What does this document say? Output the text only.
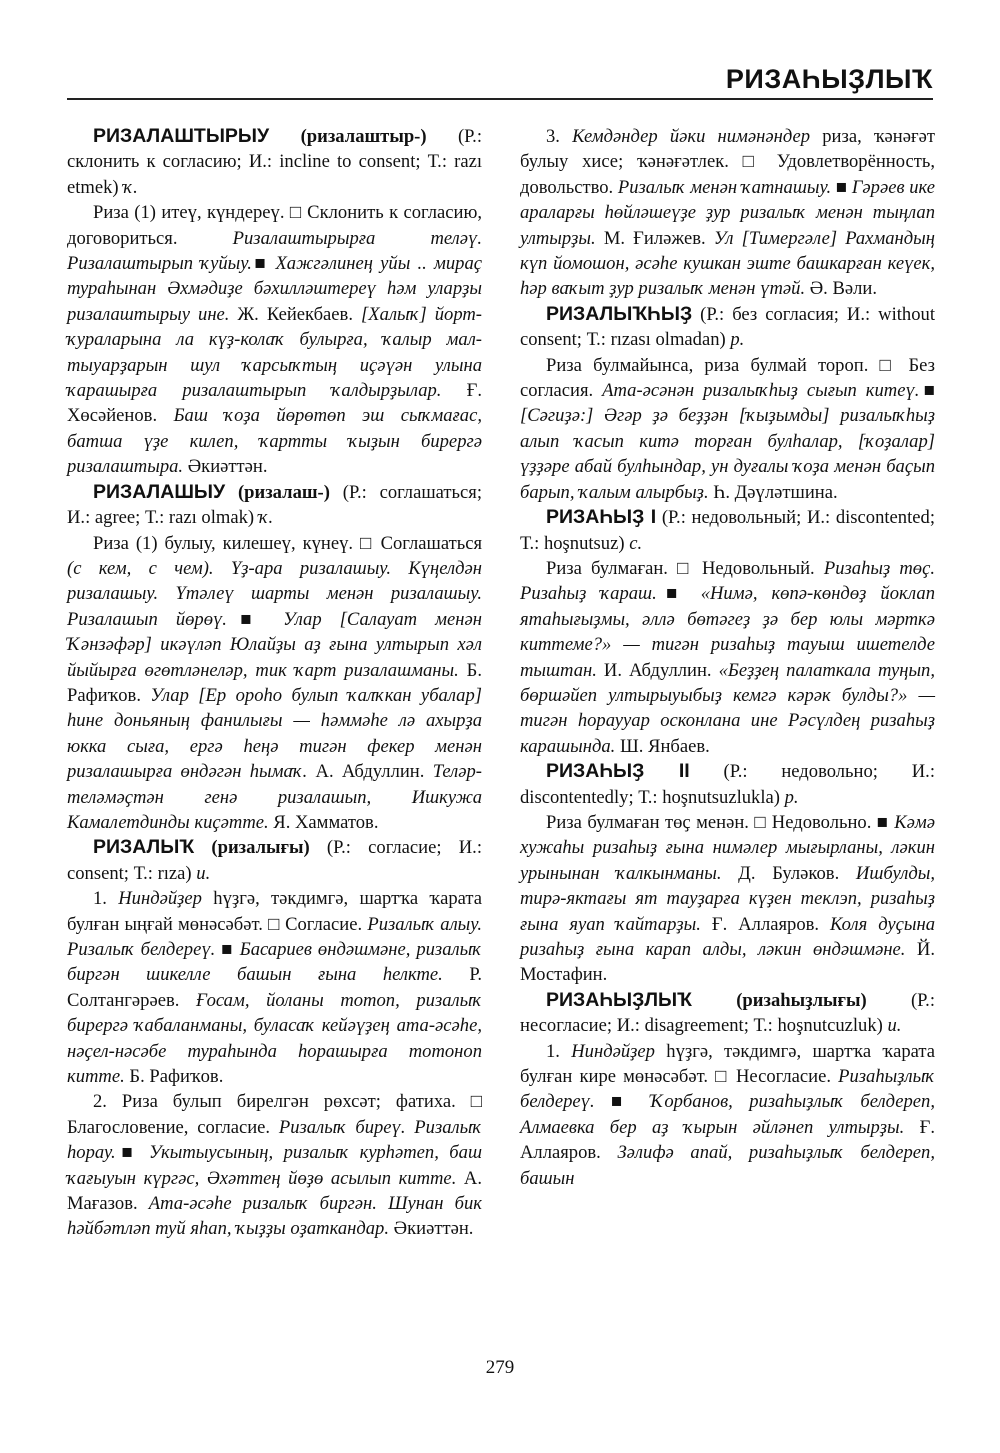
РИЗАҺЫҘЛЫҠ

РИЗАЛАШТЫРЫУ (ризалаштыр-) (Р.: склонить к согласию; И.: incline to consent; Т.: razı etmek) ҡ.

Риза (1) итеү, күндереү. □ Склонить к согласию, договориться. Ризалаштырырға теләү. Ризалаштырып ҡуйыу.■ Хажгәлинең уйы .. мираҫ тураһынан Әхмәдиҙе бәхилләштереү һәм уларҙы ризалаштырыу ине. Ж. Кейекбаев. [Халыҡ] йорт-ҡураларына ла күҙ-колаҡ булырға, ҡалыр мал-тыуарҙарын шул ҡарсыҡтың иҫәүән улына ҡарашырға ризалаштырып ҡалдырҙылар. Ғ. Хөсәйенов. Баш ҡоҙа йөрөтөп эш сыҡмағас, батша үҙе килеп, ҡартты ҡыҙын бирергә ризалаштыра. Әкиәттән.

РИЗАЛАШЫУ (ризалаш-) (Р.: соглашаться; И.: agree; Т.: razı olmak) ҡ.

Риза (1) булыу, килешеү, күнеү. □ Соглашаться (с кем, с чем). Үҙ-ара ризалашыу. Күңелдән ризалашыу. Үтәлеү шарты менән ризалашыу. Ризалашып йөрөү.■ Улар [Салауат менән Ҡәнзәфәр] икәүләп Юлайҙы аҙ ғына ултырып хәл йыйырға өгөтләнеләр, тик ҡарт ризалашманы. Б. Рафиҡов. Улар [Ер ороһо булып ҡалҡкан убалар] һине доньяның фанилығы — һәммәһе лә ахырҙа юкка сыға, ергә һеңә тигән фекер менән ризалашырға өндәгән һымаҡ. А. Абдуллин. Теләр-теләмәҫтән генә ризалашып, Ишкужа Камалетдинды киҫәтте. Я. Хамматов.

РИЗАЛЫҠ (ризалығы) (Р.: согласие; И.: consent; Т.: rıza) и.

1. Ниндәйҙер һүҙгә, тәкдимгә, шартҡа ҡарата булған ыңғай мөнәсәбәт. □ Согласие. Ризалыҡ алыу. Ризалыҡ белдереү. ■ Басариев өндәшмәне, ризалыҡ биргән шикелле башын ғына һелкте. Р. Солтангәрәев. Ғосам, йоланы тотоп, ризалыҡ бирергә ҡабаланманы, буласаҡ кейәүҙең ата-әсәһе, нәҫел-нәсәбе тураһында һорашырға тотоноп китте. Б. Рафиҡов.

2. Риза булып бирелгән рөхсәт; фатиха. □ Благословение, согласие. Ризалыҡ биреү. Ризалыҡ һорау.■ Укытыусының, ризалыҡ курһәтеп, баш ҡағыуын күргәс, Әхәттең йөҙө асылып китте. А. Мағазов. Ата-әсәһе ризалыҡ биргән. Шунан бик һәйбәтләп туй яһап, ҡыҙҙы оҙаткандар. Әкиәттән.

3. Кемдәндер йәки нимәнәндер риза, ҡәнәғәт булыу хисе; ҡәнәғәтлек. □ Удовлетворённость, довольство. Ризалыҡ менән ҡатнашыу. ■ Гәрәев ике араларғы һөйләшеүҙе ҙур ризалыҡ менән тыңлап ултырҙы. М. Ғиләжев. Ул [Тимергәле] Рахмандың күп йомошон, әсәһе кушкан эште башкарған кеүек, һәр ваҡыт ҙур ризалыҡ менән үтәй. Ә. Вәли.

РИЗАЛЫҠҺЫҘ (Р.: без согласия; И.: without consent; Т.: rızası olmadan) р.

Риза булмайынса, риза булмай тороп. □ Без согласия. Ата-әсәнән ризалыҡһыҙ сығып китеү.■ [Сәгиҙә:] Әгәр ҙә беҙҙән [ҡыҙымды] ризалыҡһыҙ алып ҡасып китә торған булһалар, [ҡоҙалар] үҙҙәре абай булһындар, ун дуғалы ҡоҙа менән баҫып барып, ҡалым алырбыҙ. Һ. Дәүләтшина.

РИЗАҺЫҘ I (Р.: недовольный; И.: discontented; Т.: hoşnutsuz) с.

Риза булмаған. □ Недовольный. Ризаһыҙ төҫ. Ризаһыҙ ҡараш.■ «Нимә, көпә-көндөҙ йоклап ятаһығыҙмы, әллә бөтәгеҙ ҙә бер юлы мәрткә киттеме?» — тигән ризаһыҙ тауыш ишетелде тыштан. И. Абдуллин. «Беҙҙең палаткала туңып, бөршәйеп ултырыуыбыҙ кемгә кәрәк булды?» — тигән һораууар осконлана ине Рәсүлдең ризаһыҙ карашында. Ш. Янбаев.

РИЗАҺЫҘ II (Р.: недовольно; И.: discontentedly; Т.: hoşnutsuzlukla) р.

Риза булмаған төҫ менән. □ Недовольно. ■ Кәмә хужаһы ризаһыҙ ғына нимәлер мығырланы, ләкин урынынан ҡалкынманы. Д. Буләков. Ишбулды, тирә-яктағы ят тауҙарға күҙен теклэп, ризаһыҙ ғына яуап ҡайтарҙы. Ғ. Аллаяров. Коля дуҫына ризаһыҙ ғына карап алды, ләкин өндәшмәне. Й. Мостафин.

РИЗАҺЫҘЛЫҠ (ризаһыҙлығы) (Р.: несогласие; И.: disagreement; Т.: hoşnutcuzluk) и.

1. Ниндәйҙер һүҙгә, тәкдимгә, шартҡа ҡарата булған кире мөнәсәбәт. □ Несогласие. Ризаһыҙлыҡ белдереү. ■ Ҡорбанов, ризаһыҙлыҡ белдереп, Алмаевка бер аҙ ҡырын әйләнеп ултырҙы. Ғ. Аллаяров. Зәлифә апай, ризаһыҙлыҡ белдереп, башын

279
